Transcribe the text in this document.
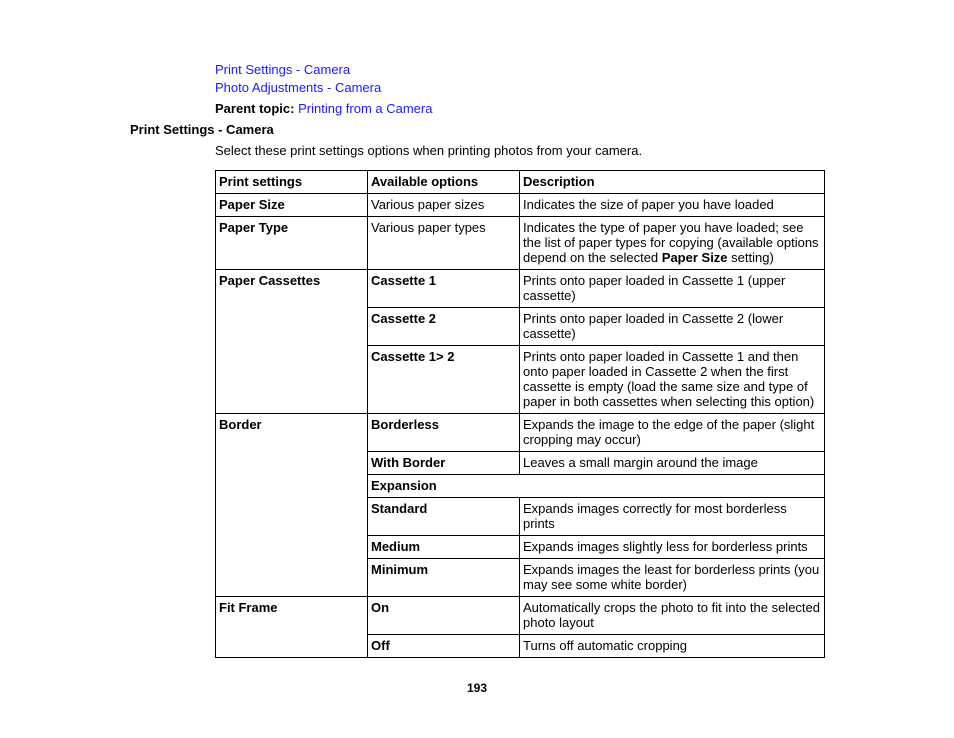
Print Settings - Camera
Photo Adjustments - Camera
Parent topic: Printing from a Camera
Print Settings - Camera
Select these print settings options when printing photos from your camera.
Print settings	Available options	Description
Paper Size	Various paper sizes	Indicates the size of paper you have loaded
Paper Type	Various paper types	Indicates the type of paper you have loaded; see the list of paper types for copying (available options depend on the selected Paper Size setting)
Paper Cassettes	Cassette 1	Prints onto paper loaded in Cassette 1 (upper cassette)
	Cassette 2	Prints onto paper loaded in Cassette 2 (lower cassette)
	Cassette 1> 2	Prints onto paper loaded in Cassette 1 and then onto paper loaded in Cassette 2 when the first cassette is empty (load the same size and type of paper in both cassettes when selecting this option)
Border	Borderless	Expands the image to the edge of the paper (slight cropping may occur)
	With Border	Leaves a small margin around the image
	Expansion	
	Standard	Expands images correctly for most borderless prints
	Medium	Expands images slightly less for borderless prints
	Minimum	Expands images the least for borderless prints (you may see some white border)
Fit Frame	On	Automatically crops the photo to fit into the selected photo layout
	Off	Turns off automatic cropping
193
